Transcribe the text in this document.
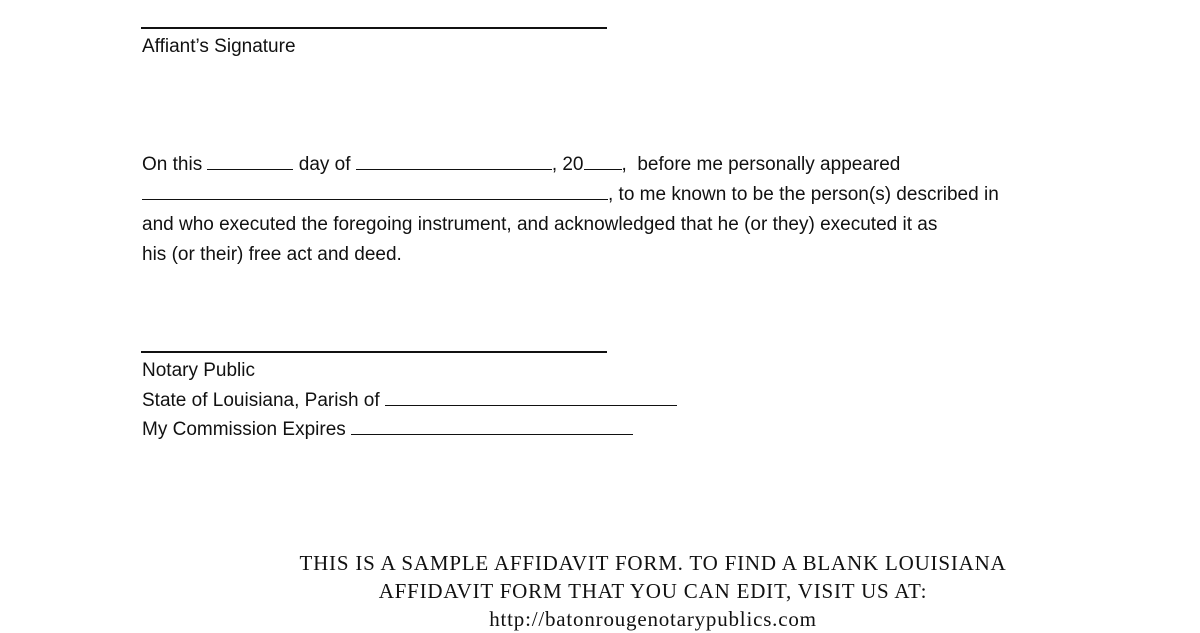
Affiant’s Signature
On this	day of	, 20 ,  before me personally appeared
, to me known to be the person(s) described in
and who executed the foregoing instrument, and acknowledged that he (or they) executed it as
his (or their) free act and deed.
Notary Public
State of Louisiana, Parish of
My Commission Expires
THIS IS A SAMPLE AFFIDAVIT FORM. TO FIND A BLANK LOUISIANA
AFFIDAVIT FORM THAT YOU CAN EDIT, VISIT US AT:
http://batonrougenotarypublics.com
